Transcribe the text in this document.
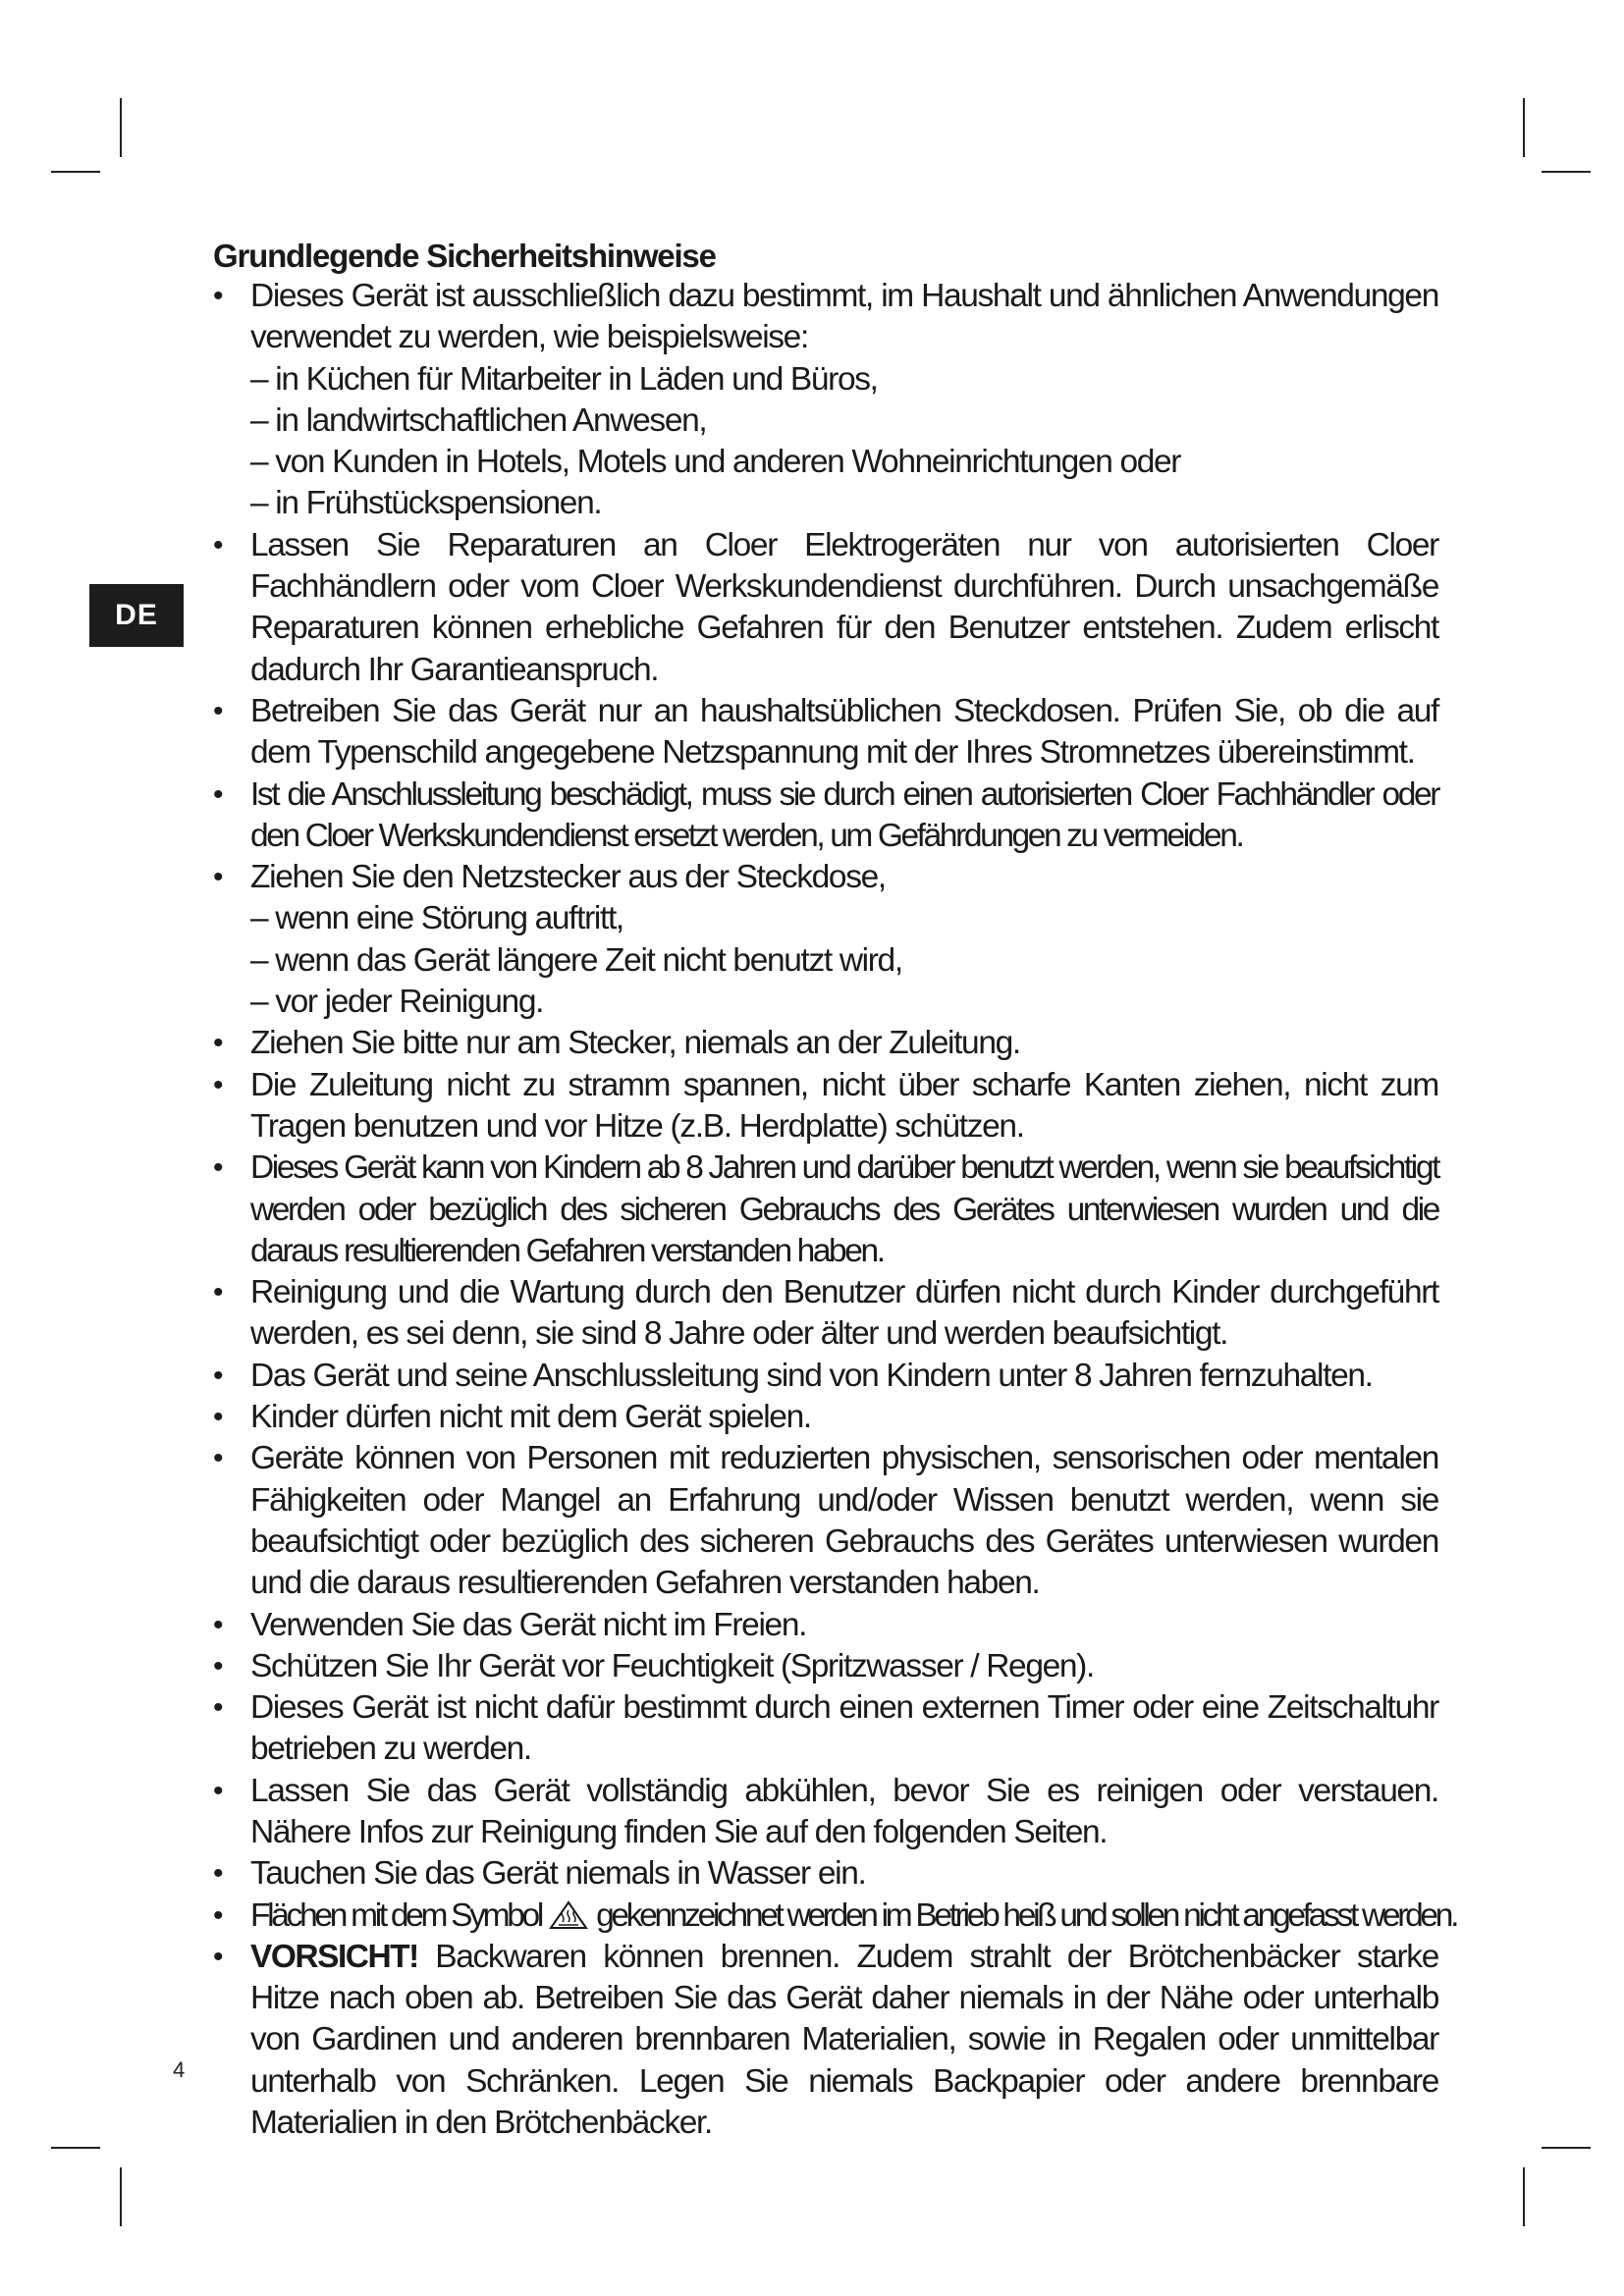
DE
4
Grundlegende Sicherheitshinweise
• Dieses Gerät ist ausschließlich dazu bestimmt, im Haushalt und ähnlichen Anwendungen verwendet zu werden, wie beispielsweise:
– in Küchen für Mitarbeiter in Läden und Büros,
– in landwirtschaftlichen Anwesen,
– von Kunden in Hotels, Motels und anderen Wohneinrichtungen oder
– in Frühstückspensionen.
• Lassen Sie Reparaturen an Cloer Elektrogeräten nur von autorisierten Cloer Fachhändlern oder vom Cloer Werkskundendienst durchführen. Durch unsachgemäße Reparaturen können erhebliche Gefahren für den Benutzer entstehen. Zudem erlischt dadurch Ihr Garantieanspruch.
• Betreiben Sie das Gerät nur an haushaltsüblichen Steckdosen. Prüfen Sie, ob die auf dem Typenschild angegebene Netzspannung mit der Ihres Stromnetzes übereinstimmt.
• Ist die Anschlussleitung beschädigt, muss sie durch einen autorisierten Cloer Fachhändler oder den Cloer Werkskundendienst ersetzt werden, um Gefährdungen zu vermeiden.
• Ziehen Sie den Netzstecker aus der Steckdose,
– wenn eine Störung auftritt,
– wenn das Gerät längere Zeit nicht benutzt wird,
– vor jeder Reinigung.
• Ziehen Sie bitte nur am Stecker, niemals an der Zuleitung.
• Die Zuleitung nicht zu stramm spannen, nicht über scharfe Kanten ziehen, nicht zum Tragen benutzen und vor Hitze (z.B. Herdplatte) schützen.
• Dieses Gerät kann von Kindern ab 8 Jahren und darüber benutzt werden, wenn sie beaufsichtigt werden oder bezüglich des sicheren Gebrauchs des Gerätes unterwiesen wurden und die daraus resultierenden Gefahren verstanden haben.
• Reinigung und die Wartung durch den Benutzer dürfen nicht durch Kinder durchgeführt werden, es sei denn, sie sind 8 Jahre oder älter und werden beaufsichtigt.
• Das Gerät und seine Anschlussleitung sind von Kindern unter 8 Jahren fernzuhalten.
• Kinder dürfen nicht mit dem Gerät spielen.
• Geräte können von Personen mit reduzierten physischen, sensorischen oder mentalen Fähigkeiten oder Mangel an Erfahrung und/oder Wissen benutzt werden, wenn sie beaufsichtigt oder bezüglich des sicheren Gebrauchs des Gerätes unterwiesen wurden und die daraus resultierenden Gefahren verstanden haben.
• Verwenden Sie das Gerät nicht im Freien.
• Schützen Sie Ihr Gerät vor Feuchtigkeit (Spritzwasser / Regen).
• Dieses Gerät ist nicht dafür bestimmt durch einen externen Timer oder eine Zeitschaltuhr betrieben zu werden.
• Lassen Sie das Gerät vollständig abkühlen, bevor Sie es reinigen oder verstauen. Nähere Infos zur Reinigung finden Sie auf den folgenden Seiten.
• Tauchen Sie das Gerät niemals in Wasser ein.
• Flächen mit dem Symbol gekennzeichnet werden im Betrieb heiß und sollen nicht angefasst werden.
• VORSICHT! Backwaren können brennen. Zudem strahlt der Brötchenbäcker starke Hitze nach oben ab. Betreiben Sie das Gerät daher niemals in der Nähe oder unterhalb von Gardinen und anderen brennbaren Materialien, sowie in Regalen oder unmittelbar unterhalb von Schränken. Legen Sie niemals Backpapier oder andere brennbare Materialien in den Brötchenbäcker.
